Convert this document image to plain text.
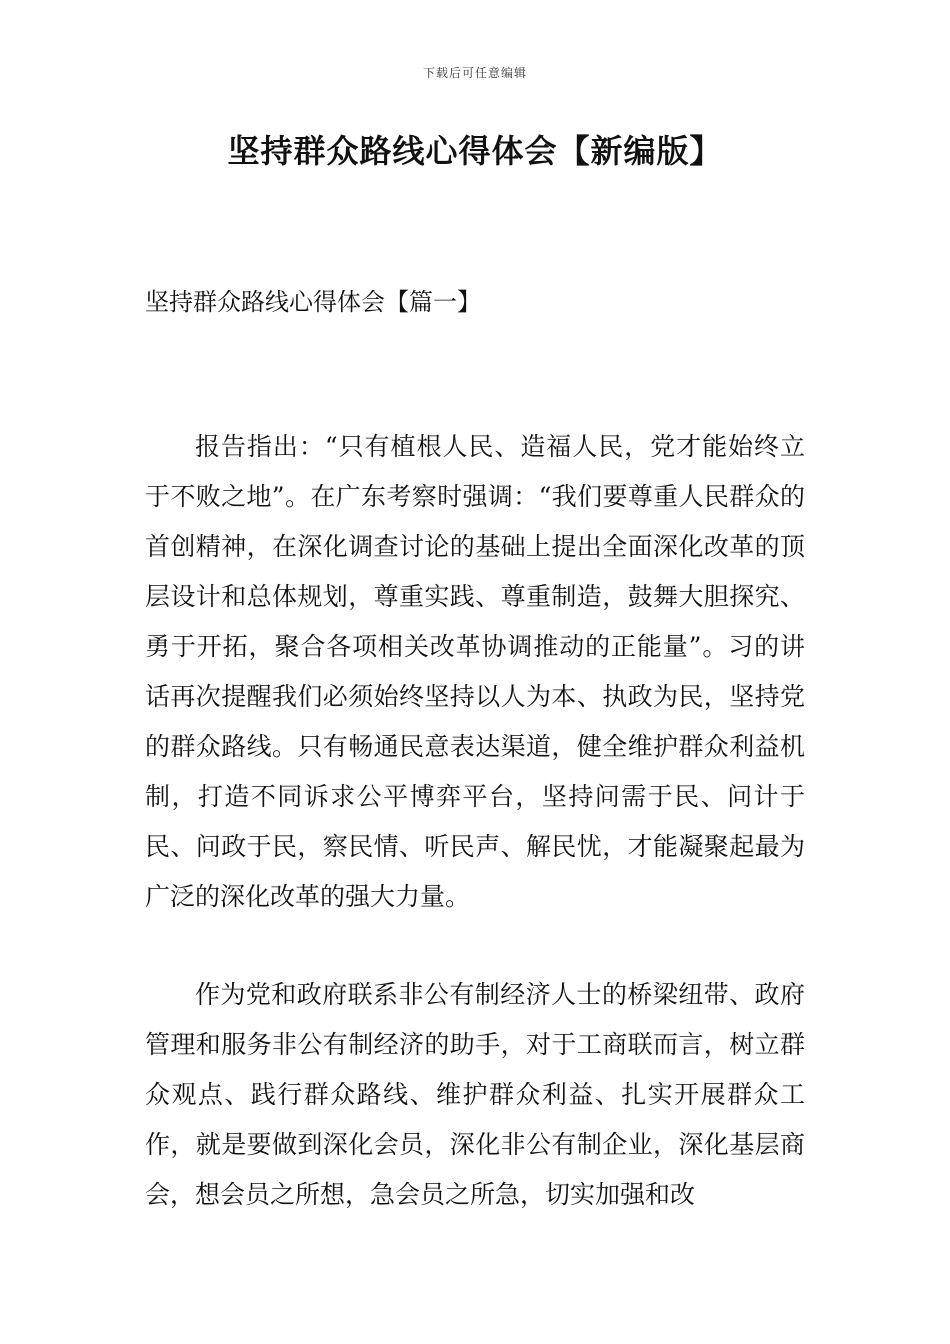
下载后可任意编辑
坚持群众路线心得体会【新编版】
坚持群众路线心得体会【篇一】

报告指出：“只有植根人民、造福人民，党才能始终立于不败之地”。在广东考察时强调：“我们要尊重人民群众的首创精神，在深化调查讨论的基础上提出全面深化改革的顶层设计和总体规划，尊重实践、尊重制造，鼓舞大胆探究、勇于开拓，聚合各项相关改革协调推动的正能量”。习的讲话再次提醒我们必须始终坚持以人为本、执政为民，坚持党的群众路线。只有畅通民意表达渠道，健全维护群众利益机制，打造不同诉求公平博弈平台，坚持问需于民、问计于民、问政于民，察民情、听民声、解民忧，才能凝聚起最为广泛的深化改革的强大力量。

作为党和政府联系非公有制经济人士的桥梁纽带、政府管理和服务非公有制经济的助手，对于工商联而言，树立群众观点、践行群众路线、维护群众利益、扎实开展群众工作，就是要做到深化会员，深化非公有制企业，深化基层商会，想会员之所想，急会员之所急，切实加强和改
